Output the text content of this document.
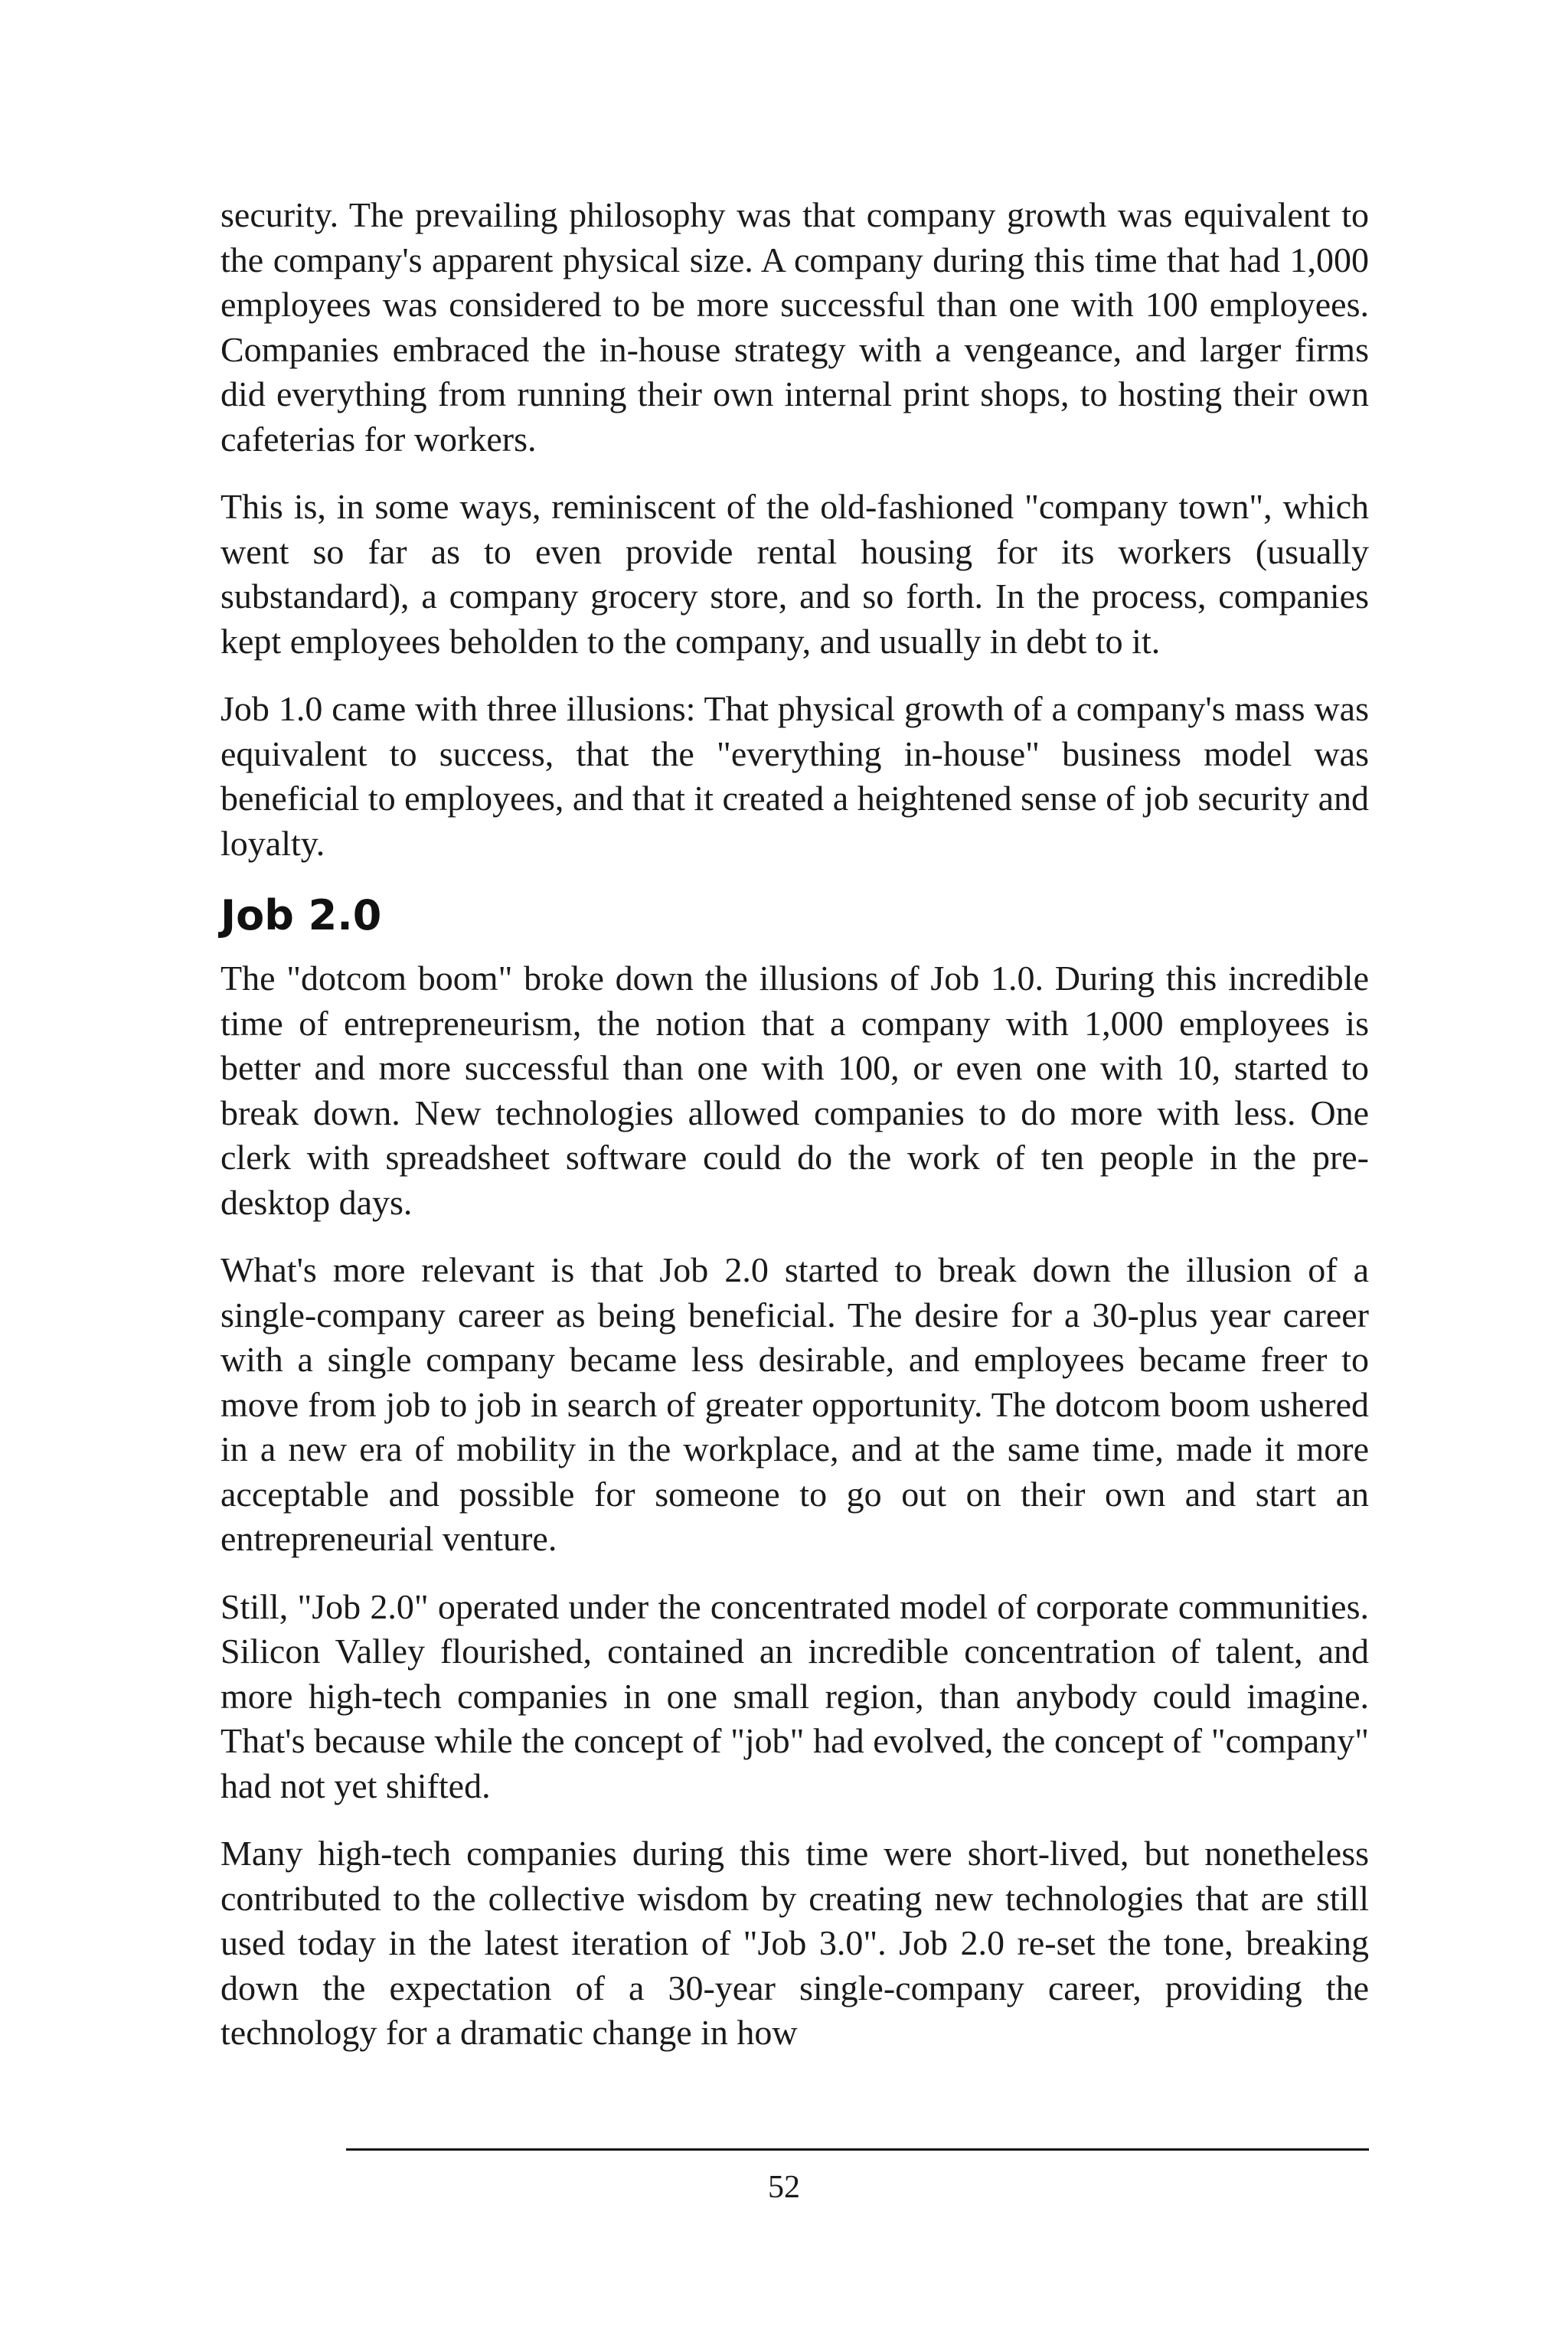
security. The prevailing philosophy was that company growth was equivalent to the company's apparent physical size. A company during this time that had 1,000 employees was considered to be more successful than one with 100 employees. Companies embraced the in-house strategy with a vengeance, and larger firms did everything from running their own internal print shops, to hosting their own cafeterias for workers.

This is, in some ways, reminiscent of the old-fashioned "company town", which went so far as to even provide rental housing for its workers (usually substandard), a company grocery store, and so forth. In the process, companies kept employees beholden to the company, and usually in debt to it.

Job 1.0 came with three illusions: That physical growth of a company's mass was equivalent to success, that the "everything in-house" business model was beneficial to employees, and that it created a heightened sense of job security and loyalty.

Job 2.0

The "dotcom boom" broke down the illusions of Job 1.0. During this incredible time of entrepreneurism, the notion that a company with 1,000 employees is better and more successful than one with 100, or even one with 10, started to break down. New technologies allowed companies to do more with less. One clerk with spreadsheet software could do the work of ten people in the pre-desktop days.

What's more relevant is that Job 2.0 started to break down the illusion of a single-company career as being beneficial. The desire for a 30-plus year career with a single company became less desirable, and employees became freer to move from job to job in search of greater opportunity. The dotcom boom ushered in a new era of mobility in the workplace, and at the same time, made it more acceptable and possible for someone to go out on their own and start an entrepreneurial venture.

Still, "Job 2.0" operated under the concentrated model of corporate communities. Silicon Valley flourished, contained an incredible concentration of talent, and more high-tech companies in one small region, than anybody could imagine. That's because while the concept of "job" had evolved, the concept of "company" had not yet shifted.

Many high-tech companies during this time were short-lived, but nonetheless contributed to the collective wisdom by creating new technologies that are still used today in the latest iteration of "Job 3.0". Job 2.0 re-set the tone, breaking down the expectation of a 30-year single-company career, providing the technology for a dramatic change in how

52
